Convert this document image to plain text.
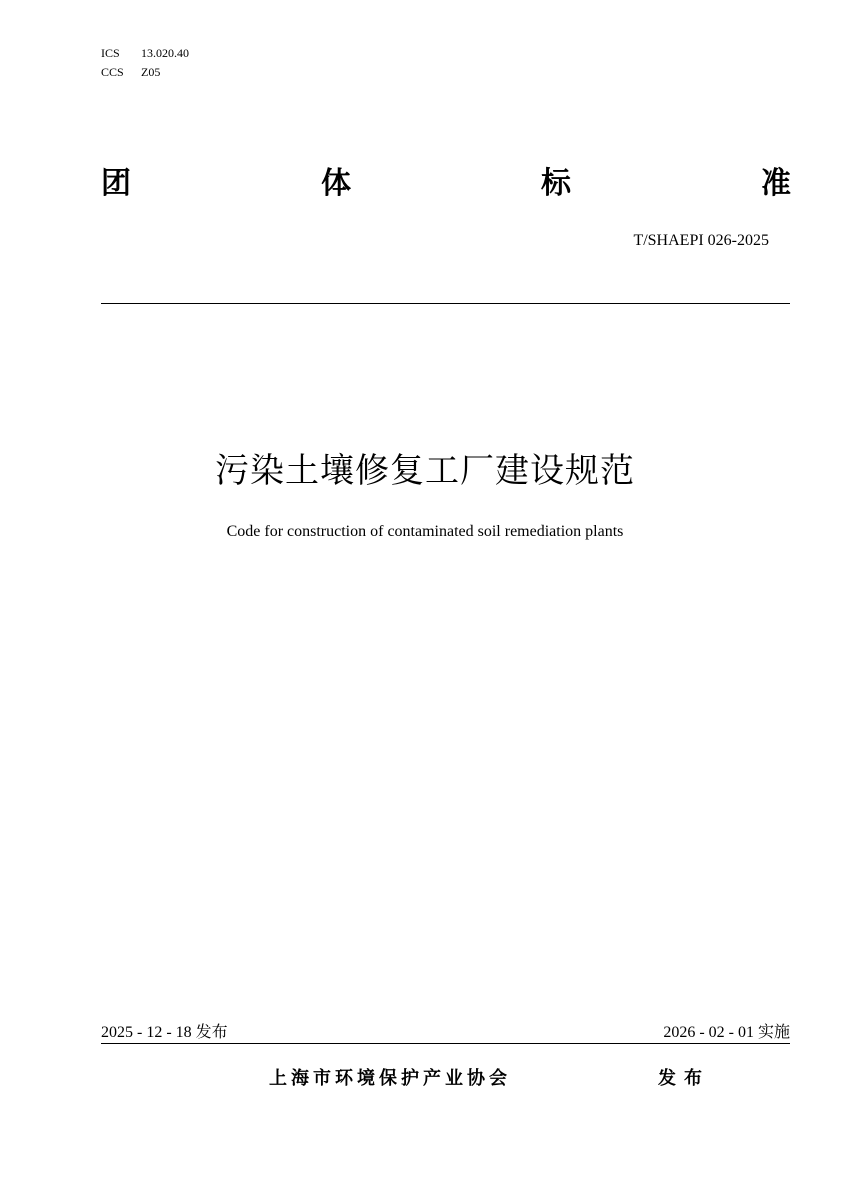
ICS 13.020.40
CCS Z05
团	体	标	准
T/SHAEPI 026-2025
污染土壤修复工厂建设规范
Code for construction of contaminated soil remediation plants
2025 - 12 - 18 发布	2026 - 02 - 01 实施
上海市环境保护产业协会	发布
